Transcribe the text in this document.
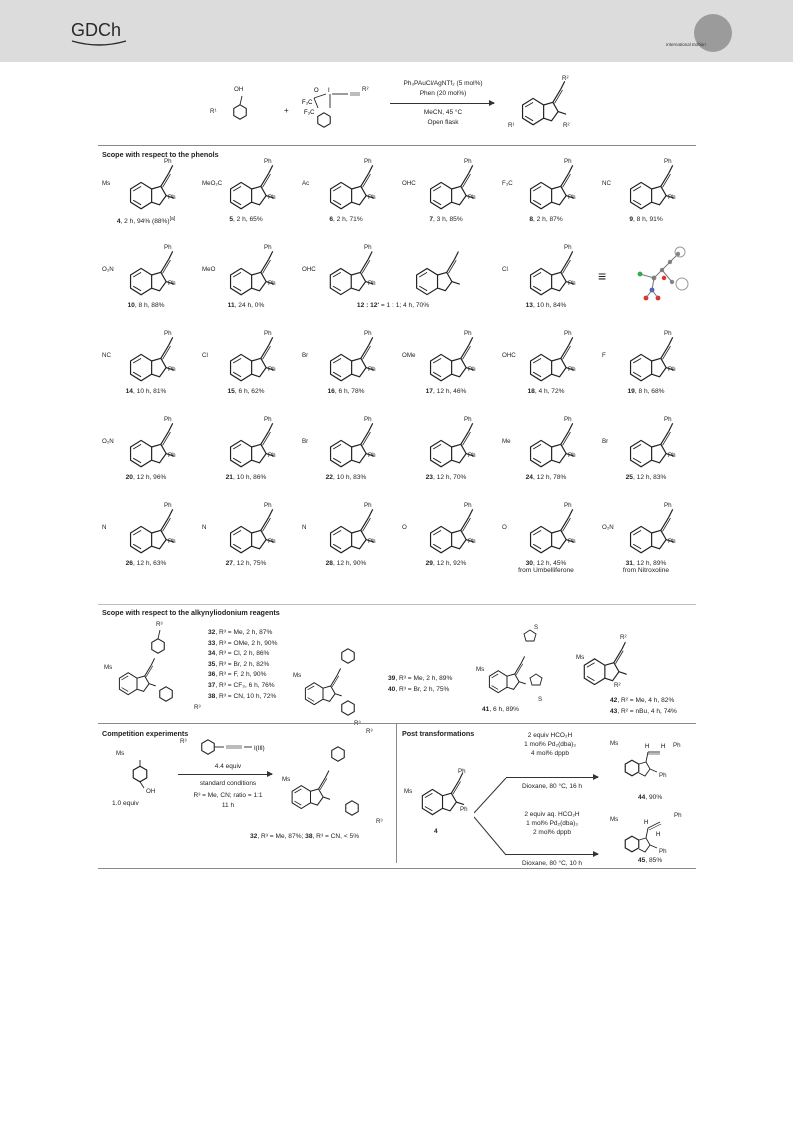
GDCh
International Edition
OH
R¹	+
F₃C
F₃C
O I	R²
Ph₃PAuCl/AgNTf₂ (5 mol%)
Phen (20 mol%)
MeCN, 45 °C
Open flask
R²
R¹	R²
Scope with respect to the phenols
Ms
Ph
Ph
4, 2 h, 94% (88%)[a]
MeO₂C
Ph
Ph
5, 2 h, 65%
Ac
Ph
Ph
6, 2 h, 71%
OHC
Ph
Ph
7, 3 h, 85%
F₃C
Ph
Ph
8, 2 h, 87%
NC
Ph
Ph
9, 8 h, 91%
O₂N
Ph
Ph
10, 8 h, 88%
MeO
Ph
Ph
11, 24 h, 0%
OHC
Ph
Ph
12 : 12' = 1 : 1; 4 h, 70%
Cl
Ph
Ph
13, 10 h, 84%
NC
Ph
Ph
14, 10 h, 81%
Cl
Ph
Ph
15, 6 h, 62%
Br
Ph
Ph
16, 6 h, 78%
OMe
Ph
Ph
17, 12 h, 46%
OHC
Ph
Ph
18, 4 h, 72%
F
Ph
Ph
19, 8 h, 68%
O₂N
Ph
Ph
20, 12 h, 96%
Ph
Ph
21, 10 h, 86%
Br
Ph
Ph
22, 10 h, 83%
Ph
Ph
23, 12 h, 70%
Me
Ph
Ph
24, 12 h, 78%
Br
Ph
Ph
25, 12 h, 83%
N
Ph
Ph
26, 12 h, 63%
N
Ph
Ph
27, 12 h, 75%
N
Ph
Ph
28, 12 h, 90%
O
Ph
Ph
29, 12 h, 92%
O
Ph
Ph
30, 12 h, 45%
from Umbelliferone
O₂N
Ph
Ph
31, 12 h, 89%
from Nitroxoline
≡
Scope with respect to the alkynyliodonium reagents
Ms
R³
R³
32, R³ = Me, 2 h, 87%
33, R³ = OMe, 2 h, 90%
34, R³ = Cl, 2 h, 86%
35, R³ = Br, 2 h, 82%
36, R³ = F, 2 h, 90%
37, R³ = CF₃, 6 h, 76%
38, R³ = CN, 10 h, 72%
Ms	39, R³ = Me, 2 h, 89%
40, R³ = Br, 2 h, 75%
Ms
S
S
41, 6 h, 89%
Ms
R²
R²
42, R² = Me, 4 h, 82%
43, R² = nBu, 4 h, 74%
Competition experiments
Ms
OH
1.0 equiv
I(III)
R³
4.4 equiv
standard conditions
R³ = Me, CN; ratio = 1:1
11 h
Ms
R³
R³
32, R³ = Me, 87%; 38, R³ = CN, < 5%
Post transformations
Ms
Ph
Ph
4
2 equiv HCO₂H
1 mol% Pd₂(dba)₃
4 mol% dppb
Dioxane, 80 °C, 16 h
H H
Ms	Ph
Ph
44, 90%
2 equiv aq. HCO₂H
1 mol% Pd₂(dba)₃
2 mol% dppb
Dioxane, 80 °C, 10 h
H
H
Ms
Ph
Ph
45, 85%
